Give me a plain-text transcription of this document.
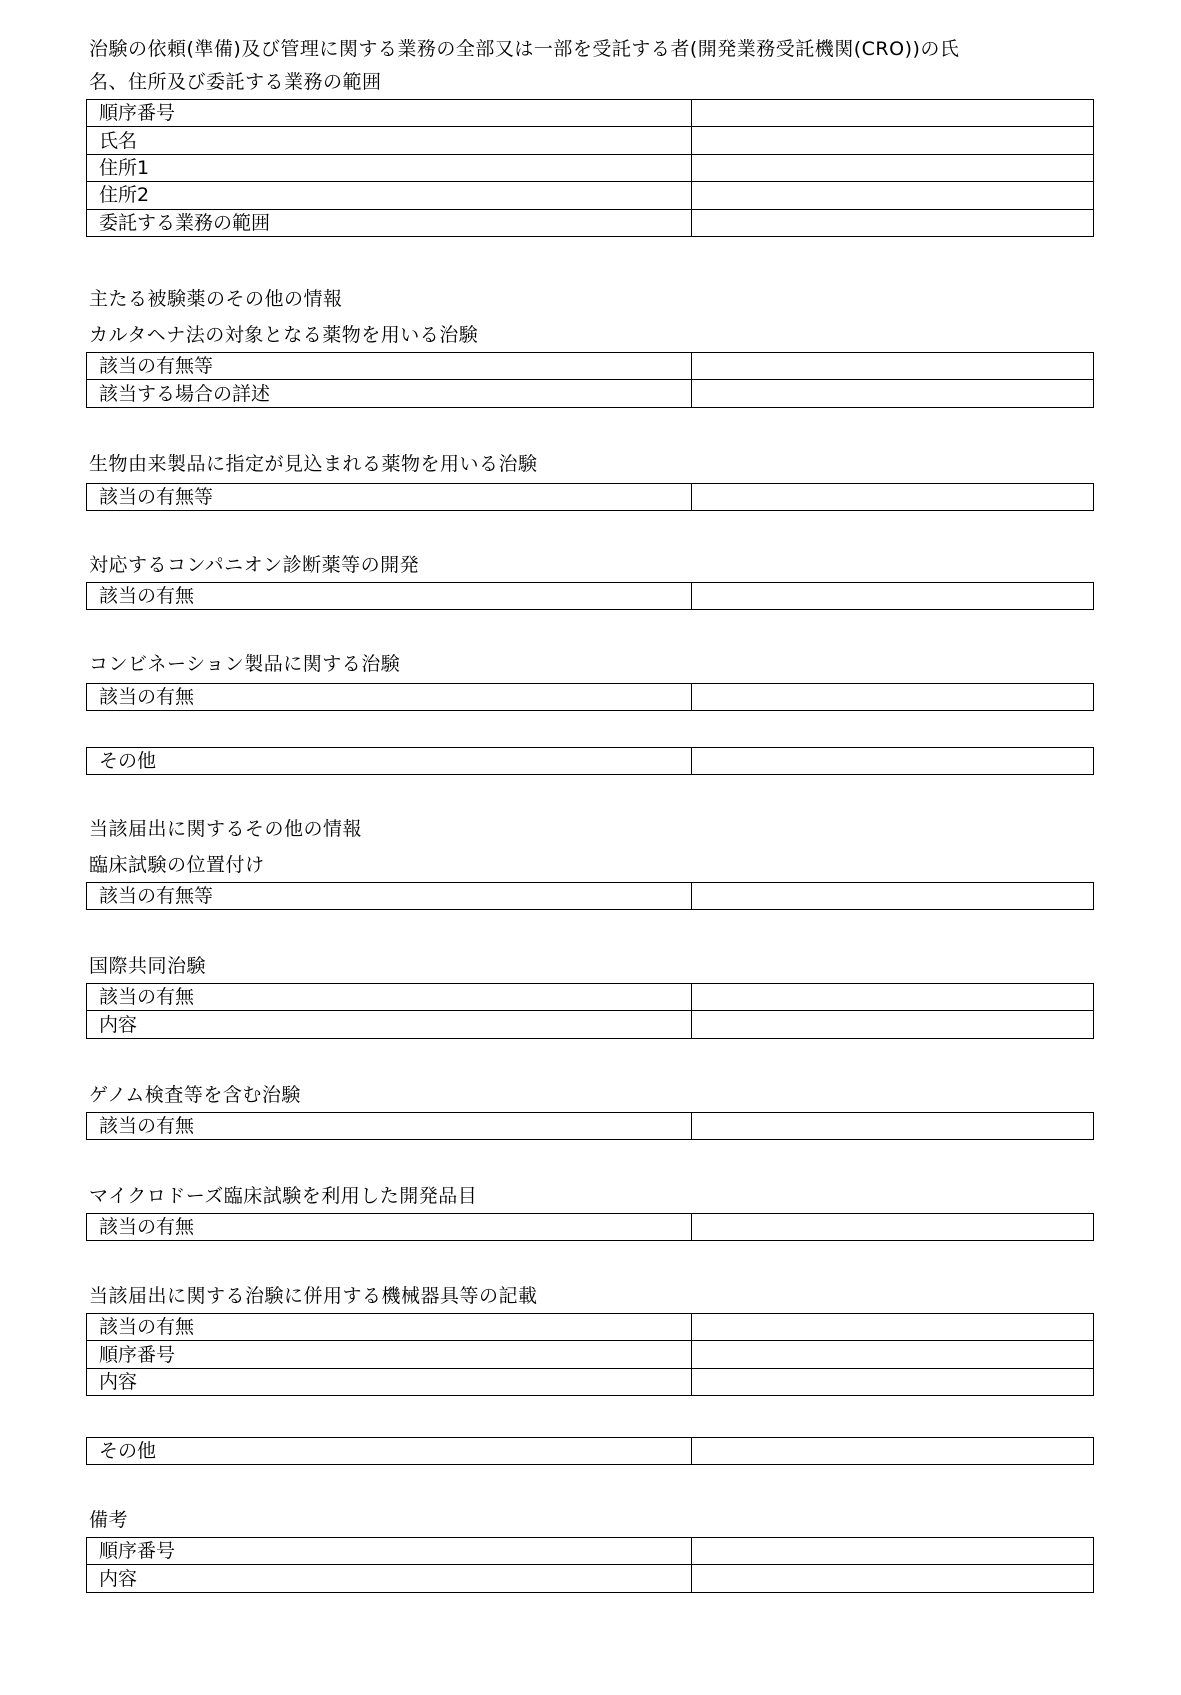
治験の依頼(準備)及び管理に関する業務の全部又は一部を受託する者(開発業務受託機関(CRO))の氏
名、住所及び委託する業務の範囲
順序番号	
氏名	
住所1	
住所2	
委託する業務の範囲	
主たる被験薬のその他の情報
カルタヘナ法の対象となる薬物を用いる治験
該当の有無等	
該当する場合の詳述	
生物由来製品に指定が見込まれる薬物を用いる治験
該当の有無等	
対応するコンパニオン診断薬等の開発
該当の有無	
コンビネーション製品に関する治験
該当の有無	
その他	
当該届出に関するその他の情報
臨床試験の位置付け
該当の有無等	
国際共同治験
該当の有無	
内容	
ゲノム検査等を含む治験
該当の有無	
マイクロドーズ臨床試験を利用した開発品目
該当の有無	
当該届出に関する治験に併用する機械器具等の記載
該当の有無	
順序番号	
内容	
その他	
備考
順序番号	
内容	
